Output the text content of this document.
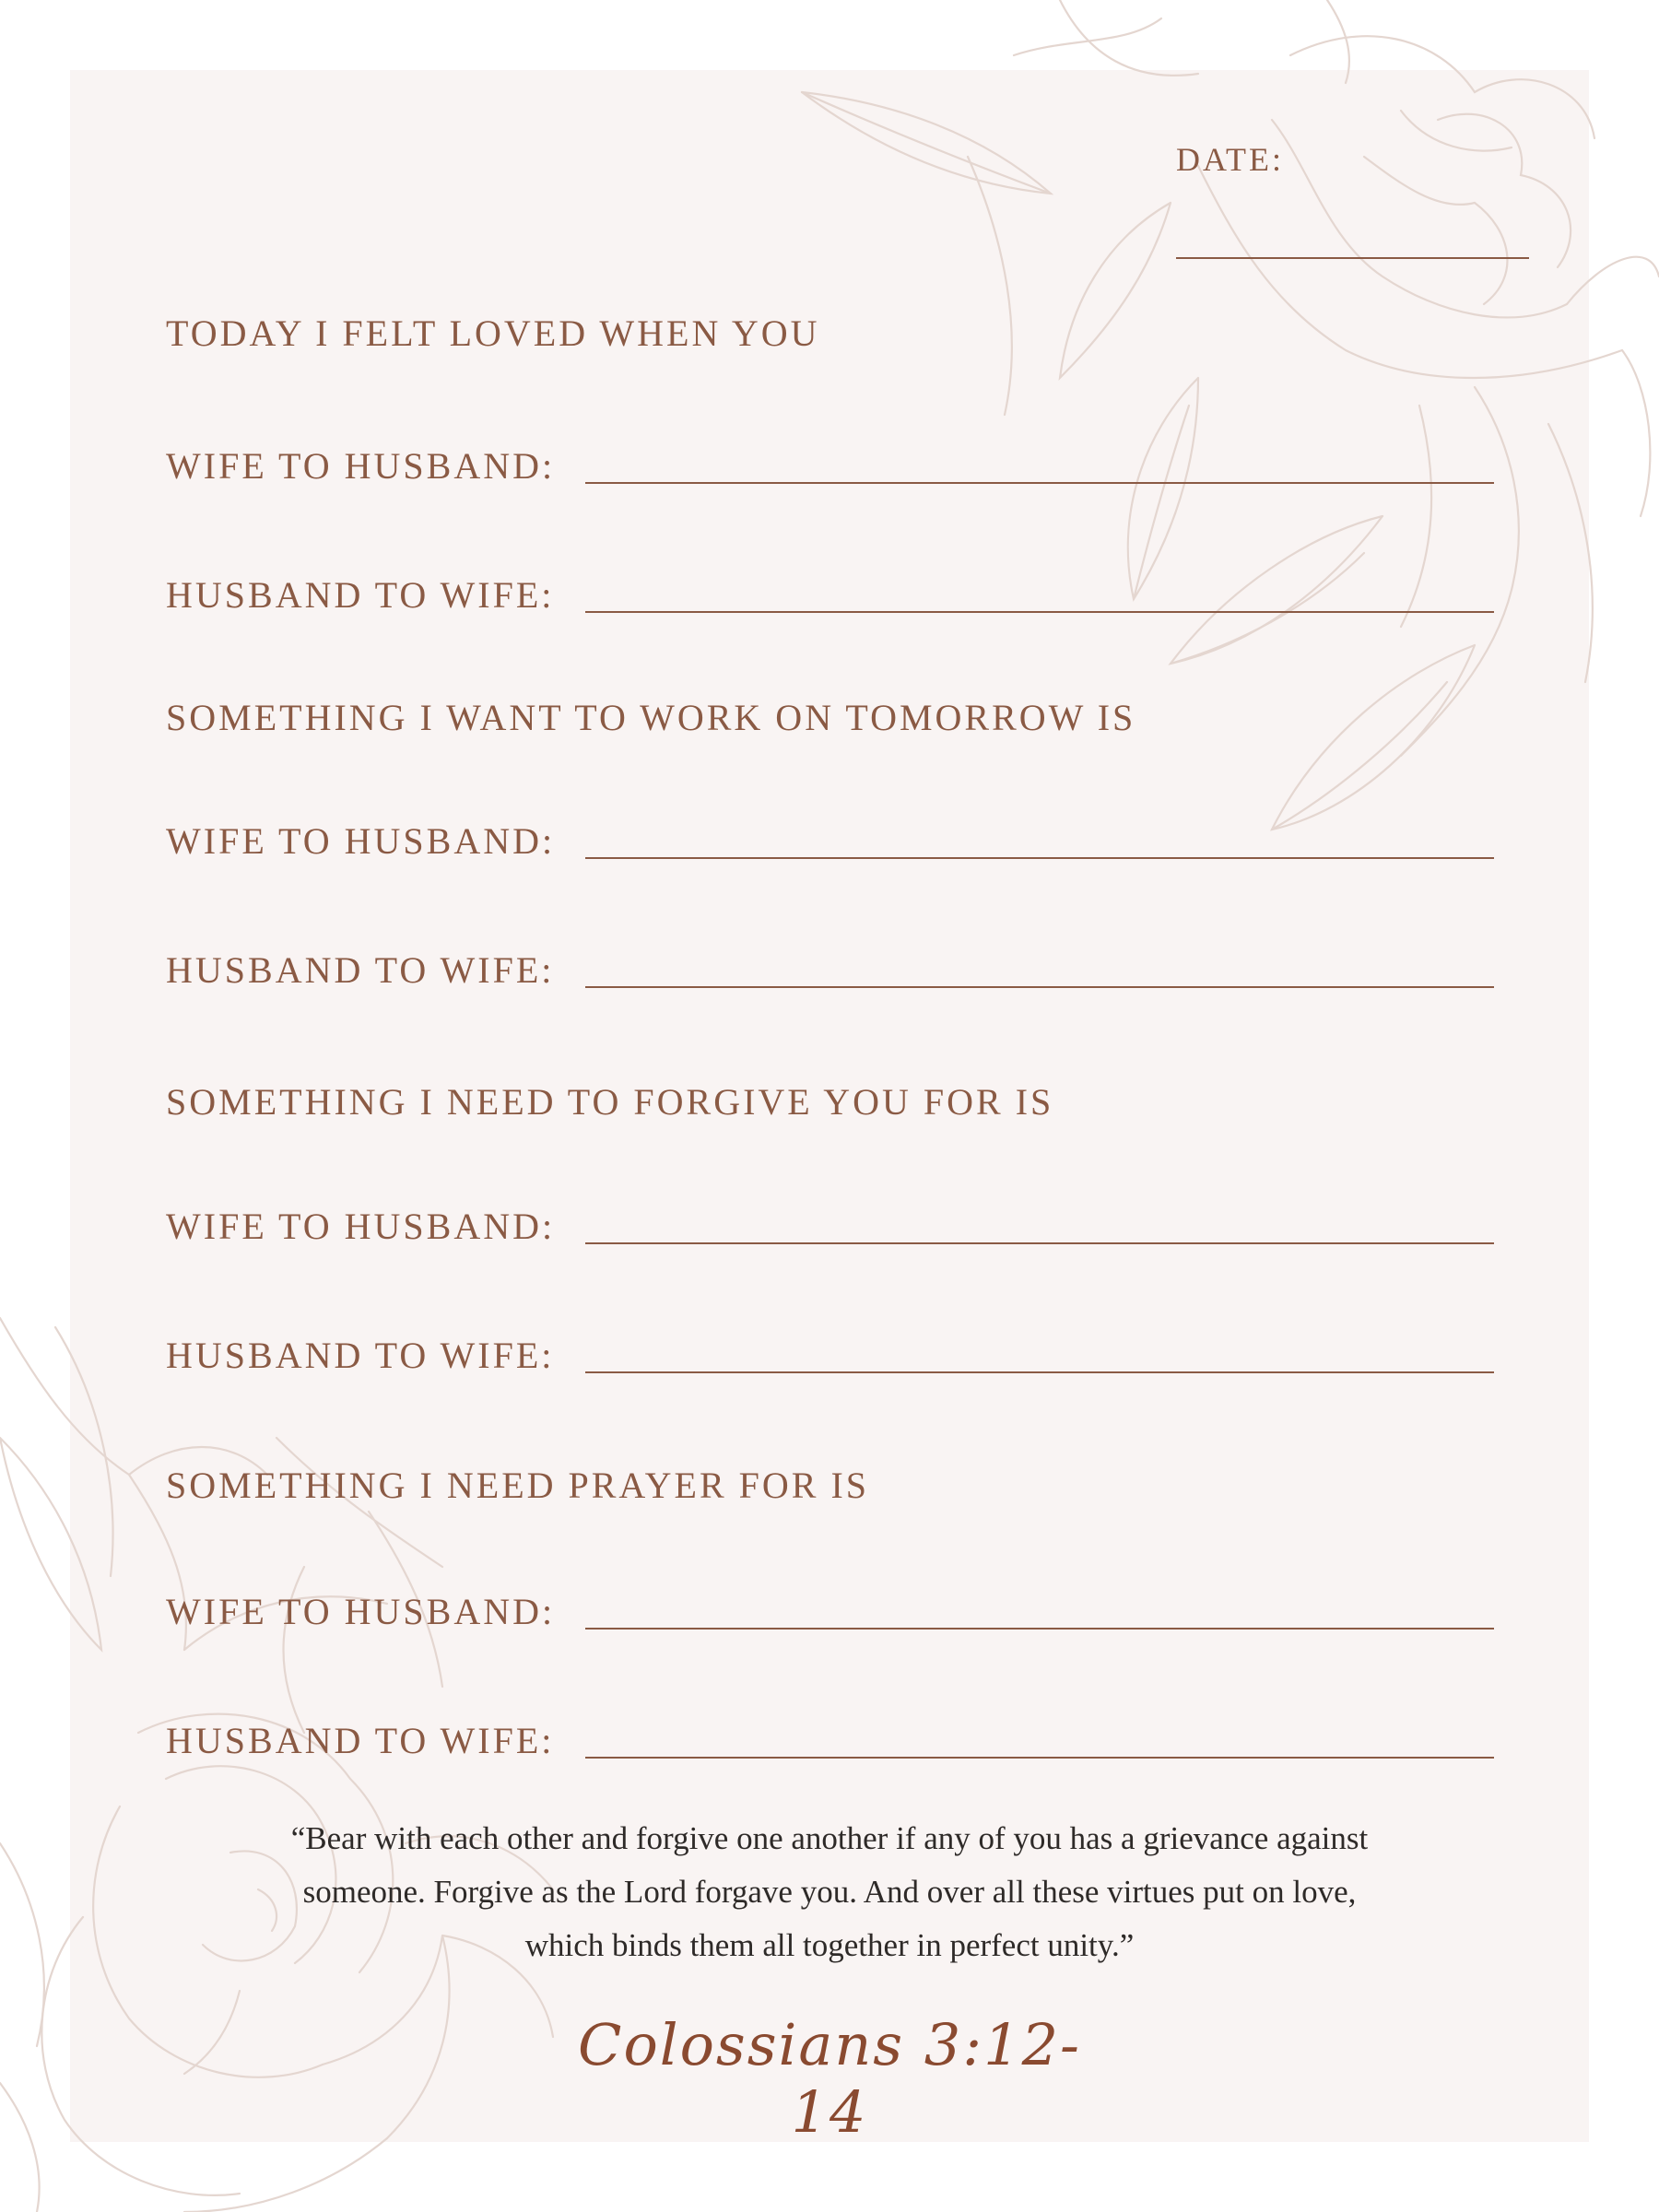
DATE:
TODAY I FELT LOVED WHEN YOU
WIFE TO HUSBAND:
HUSBAND TO WIFE:
SOMETHING I WANT TO WORK ON TOMORROW IS
WIFE TO HUSBAND:
HUSBAND TO WIFE:
SOMETHING I NEED TO FORGIVE YOU FOR IS
WIFE TO HUSBAND:
HUSBAND TO WIFE:
SOMETHING I NEED PRAYER FOR IS
WIFE TO HUSBAND:
HUSBAND TO WIFE:
“Bear with each other and forgive one another if any of you has a grievance against
someone. Forgive as the Lord forgave you. And over all these virtues put on love,
which binds them all together in perfect unity.”
Colossians 3:12-14
